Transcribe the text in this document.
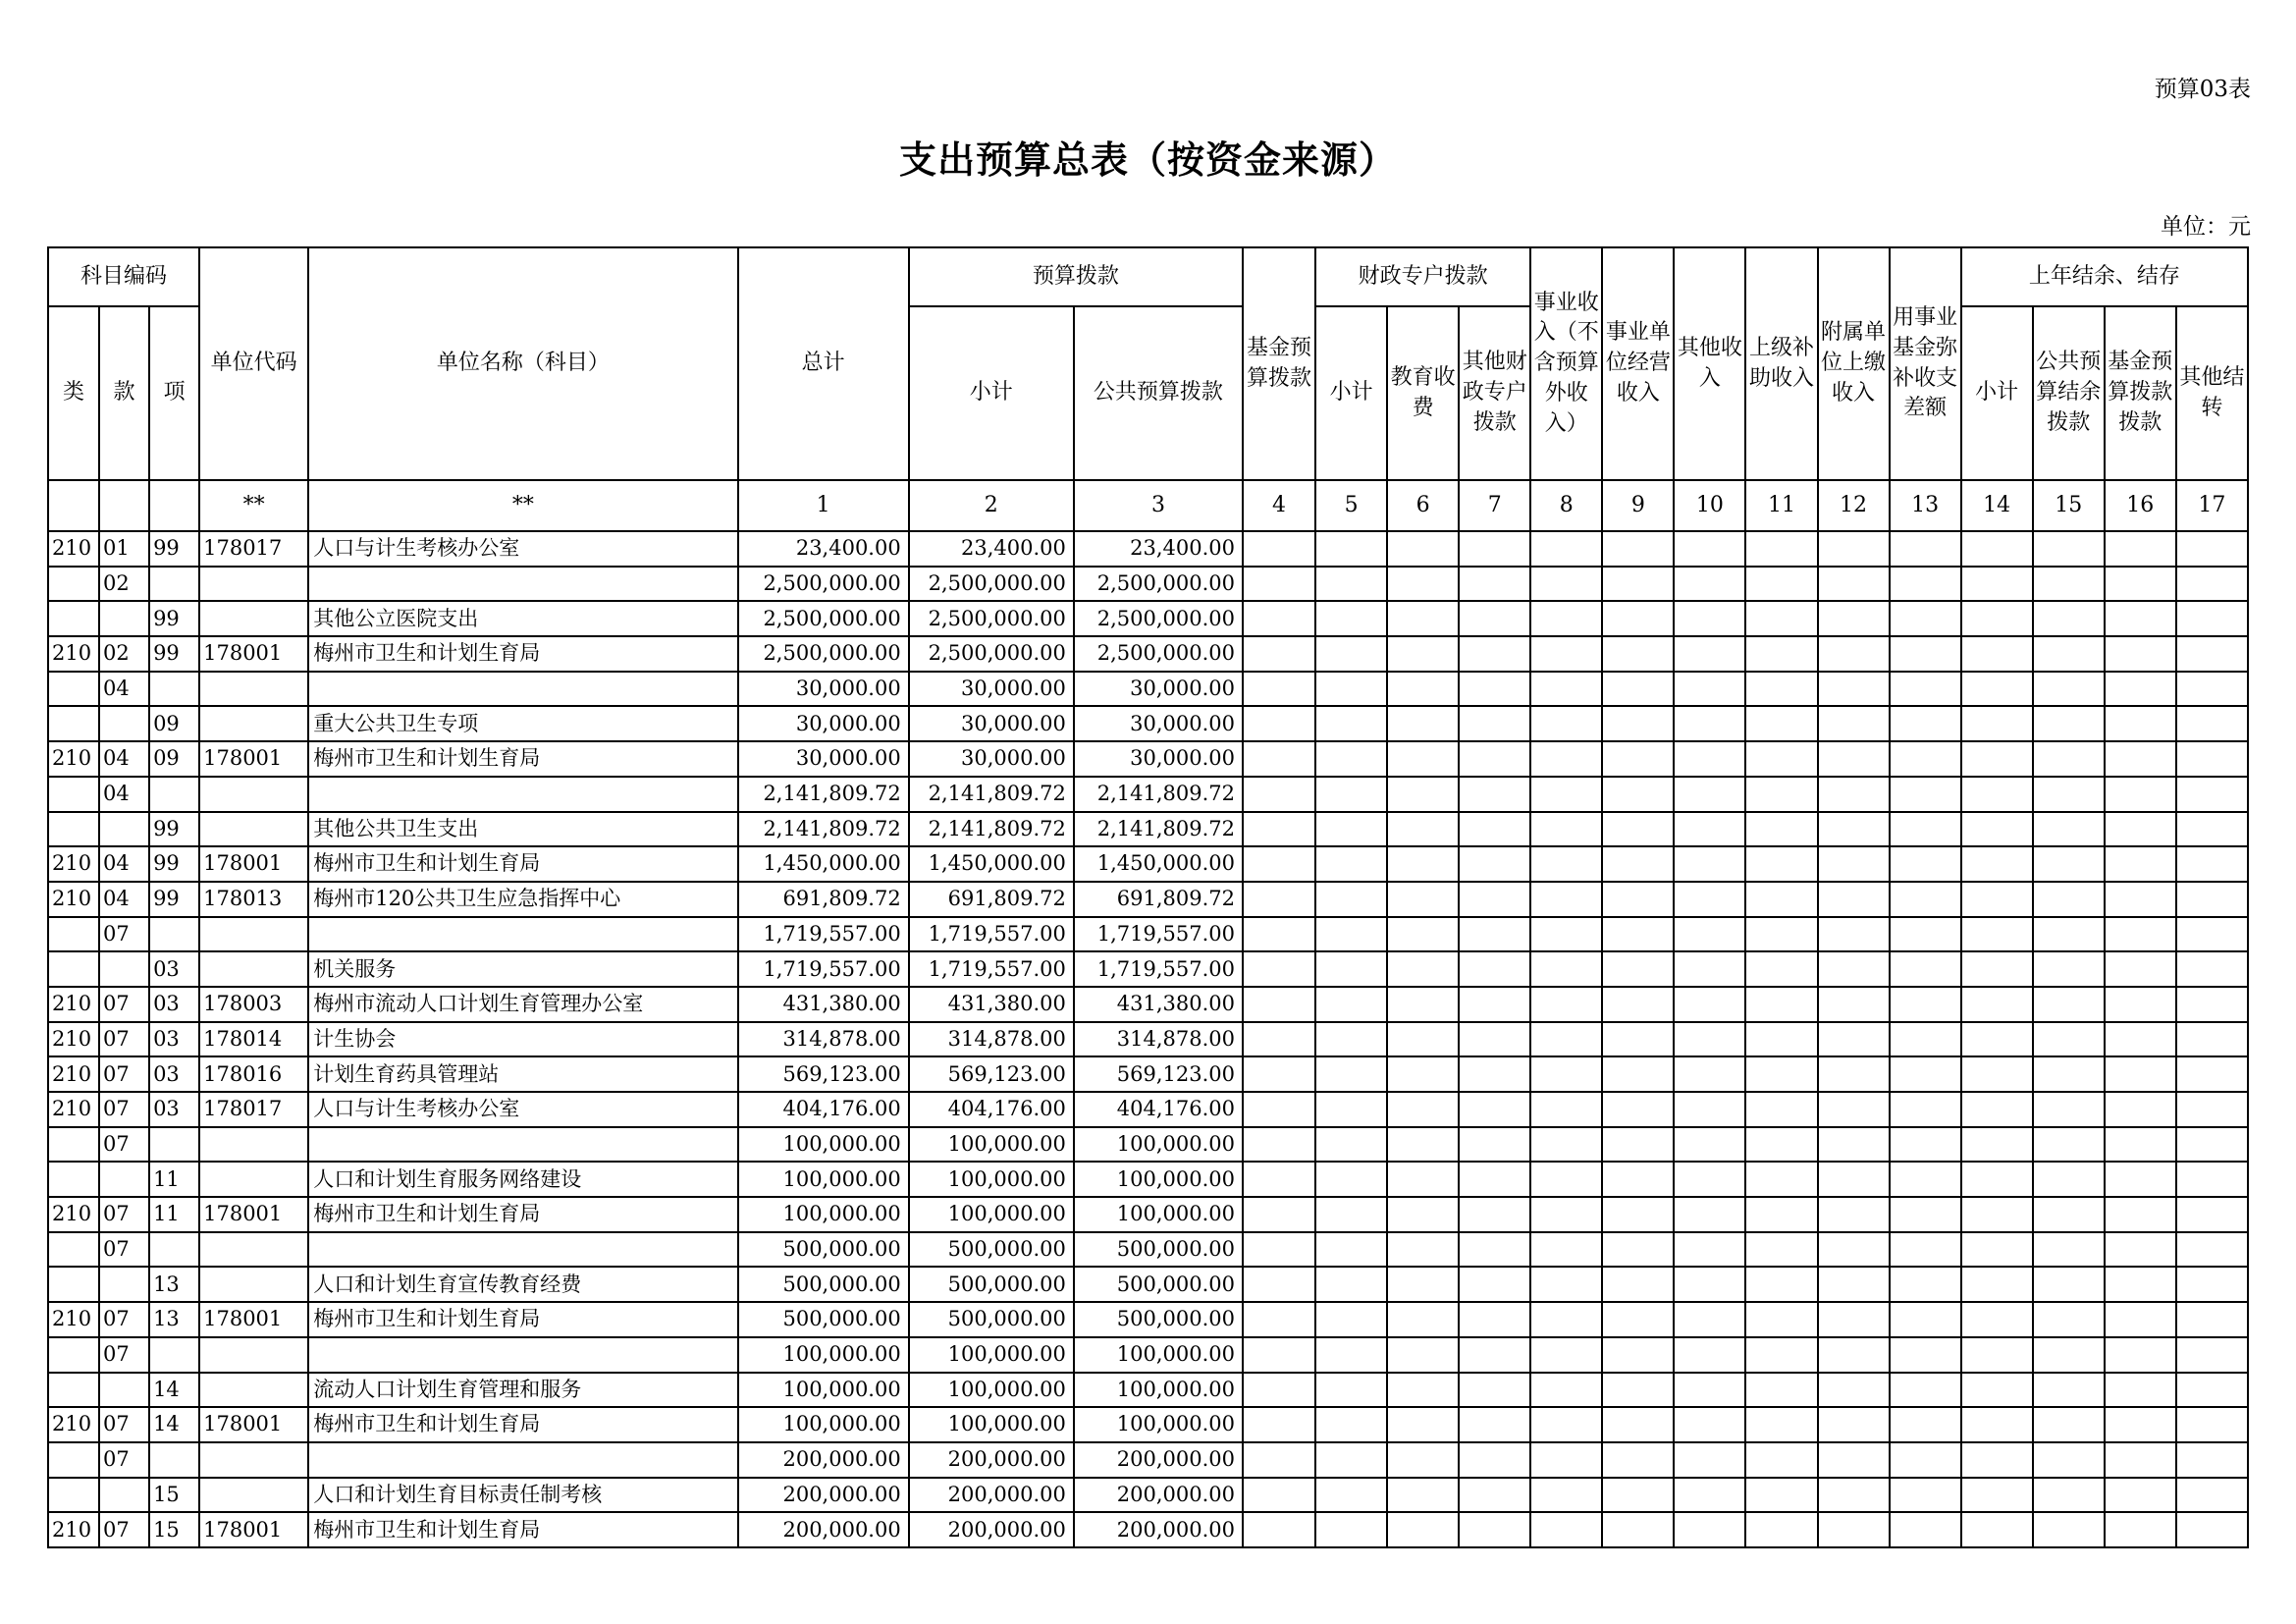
预算03表
支出预算总表（按资金来源）
单位：元
科目编码			单位代码	单位名称（科目）	总计	预算拨款		基金预算拨款	财政专户拨款			事业收入（不含预算外收入）	事业单位经营收入	其他收入	上级补助收入	附属单位上缴收入	用事业基金弥补收支差额	上年结余、结存			
类	款	项				小计	公共预算拨款		小计	教育收费	其他财政专户拨款							小计	公共预算结余拨款	基金预算拨款拨款	其他结转
			**	**	1	2	3	4	5	6	7	8	9	10	11	12	13	14	15	16	17
210	01	99	178017	人口与计生考核办公室	23,400.00	23,400.00	23,400.00														
	02				2,500,000.00	2,500,000.00	2,500,000.00														
		99		其他公立医院支出	2,500,000.00	2,500,000.00	2,500,000.00														
210	02	99	178001	梅州市卫生和计划生育局	2,500,000.00	2,500,000.00	2,500,000.00														
	04				30,000.00	30,000.00	30,000.00														
		09		重大公共卫生专项	30,000.00	30,000.00	30,000.00														
210	04	09	178001	梅州市卫生和计划生育局	30,000.00	30,000.00	30,000.00														
	04				2,141,809.72	2,141,809.72	2,141,809.72														
		99		其他公共卫生支出	2,141,809.72	2,141,809.72	2,141,809.72														
210	04	99	178001	梅州市卫生和计划生育局	1,450,000.00	1,450,000.00	1,450,000.00														
210	04	99	178013	梅州市120公共卫生应急指挥中心	691,809.72	691,809.72	691,809.72														
	07				1,719,557.00	1,719,557.00	1,719,557.00														
		03		机关服务	1,719,557.00	1,719,557.00	1,719,557.00														
210	07	03	178003	梅州市流动人口计划生育管理办公室	431,380.00	431,380.00	431,380.00														
210	07	03	178014	计生协会	314,878.00	314,878.00	314,878.00														
210	07	03	178016	计划生育药具管理站	569,123.00	569,123.00	569,123.00														
210	07	03	178017	人口与计生考核办公室	404,176.00	404,176.00	404,176.00														
	07				100,000.00	100,000.00	100,000.00														
		11		人口和计划生育服务网络建设	100,000.00	100,000.00	100,000.00														
210	07	11	178001	梅州市卫生和计划生育局	100,000.00	100,000.00	100,000.00														
	07				500,000.00	500,000.00	500,000.00														
		13		人口和计划生育宣传教育经费	500,000.00	500,000.00	500,000.00														
210	07	13	178001	梅州市卫生和计划生育局	500,000.00	500,000.00	500,000.00														
	07				100,000.00	100,000.00	100,000.00														
		14		流动人口计划生育管理和服务	100,000.00	100,000.00	100,000.00														
210	07	14	178001	梅州市卫生和计划生育局	100,000.00	100,000.00	100,000.00														
	07				200,000.00	200,000.00	200,000.00														
		15		人口和计划生育目标责任制考核	200,000.00	200,000.00	200,000.00														
210	07	15	178001	梅州市卫生和计划生育局	200,000.00	200,000.00	200,000.00														
